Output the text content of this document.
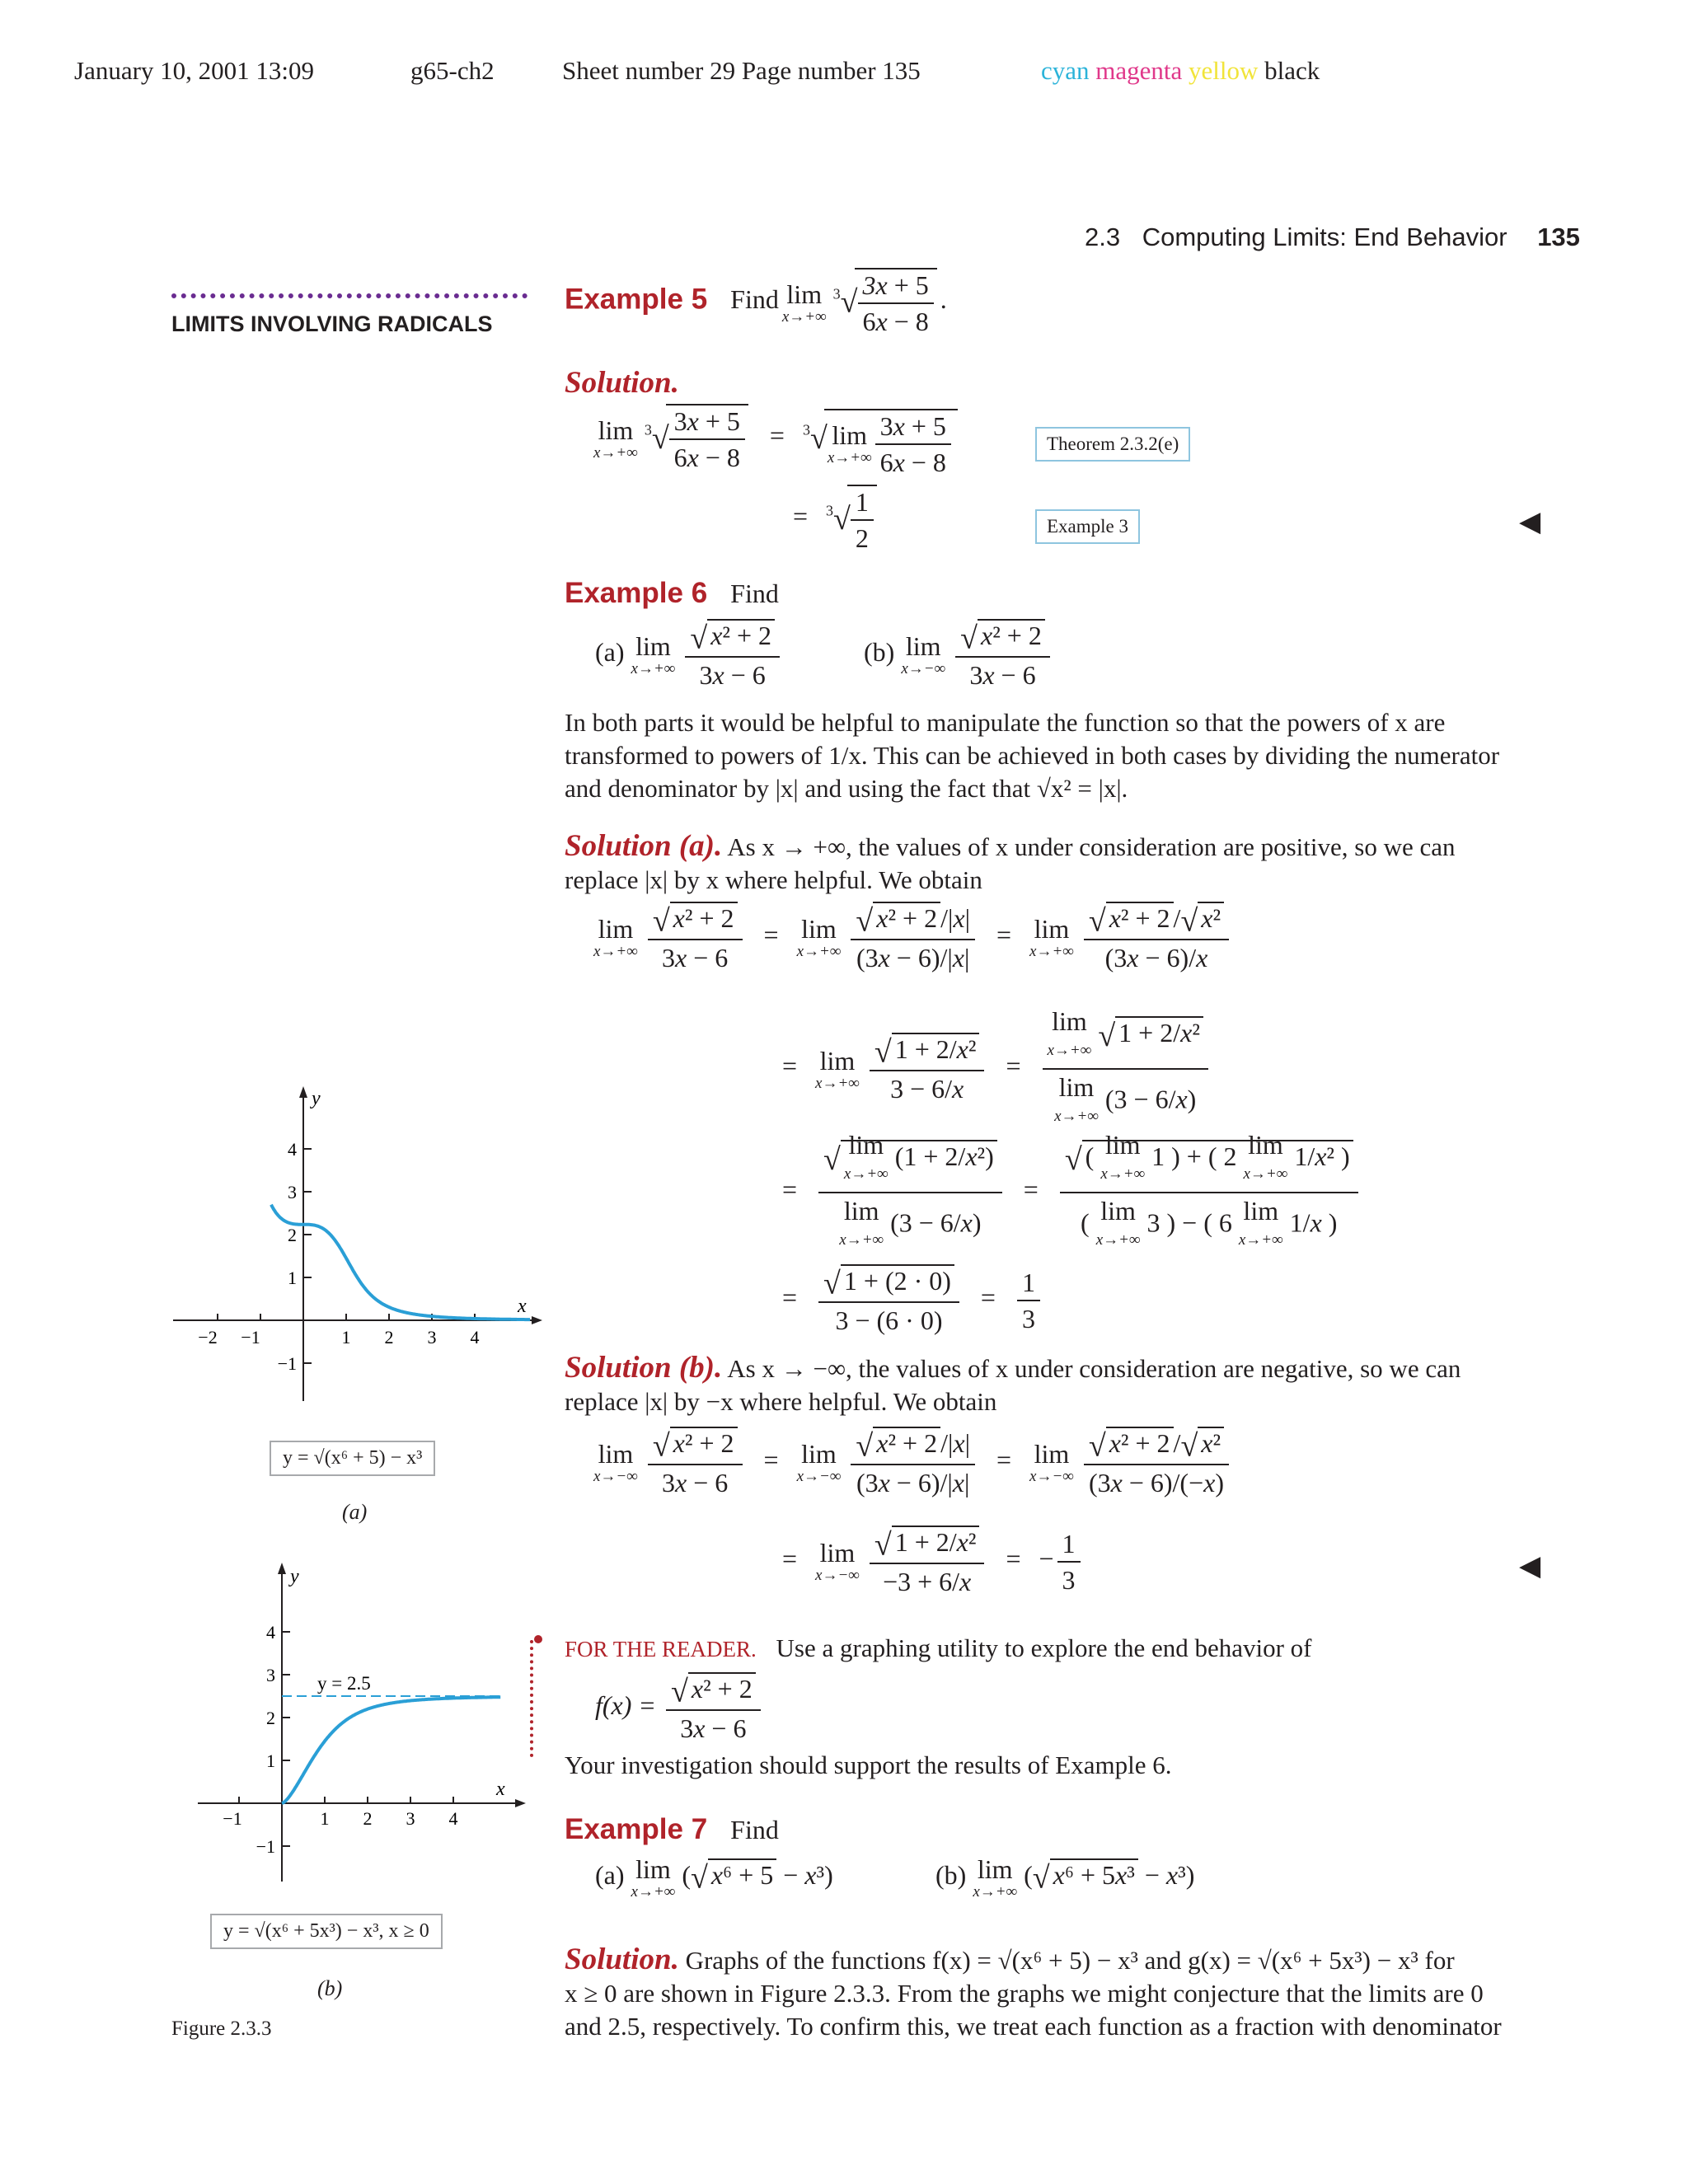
January 10, 2001 13:09	g65-ch2	Sheet number 29 Page number 135	cyan magenta yellow black
2.3 Computing Limits: End Behavior 135
LIMITS INVOLVING RADICALS
Example 5 Find lim
x→+∞
$^3$√
$\frac{3x + 5}{6x - 8}$ .
Solution.
lim
x→+∞
$^3$√
$\frac{3x + 5}{6x - 8} = ^3√$ lim
$x\to+\infty \frac{3x + 5}{6x - 8}$	Theorem 2.3.2(e)
= $^3$√
$\frac{1}{2}$	Example 3	◀
Example 6 Find
(a) lim
x→+∞
$\frac{\text{√ x² + 2}}{3x - 6}$	(b) lim
x→−∞
$\frac{\text{√ x² + 2}}{3x - 6}$
In both parts it would be helpful to manipulate the function so that the powers of x are
transformed to powers of 1/x. This can be achieved in both cases by dividing the numerator
and denominator by |x| and using the fact that √x² = |x|.
Solution (a). As x → +∞, the values of x under consideration are positive, so we can
replace |x| by x where helpful. We obtain
lim
x→+∞
$\frac{\text{√ x² + 2}}{3x - 6} = \lim$
x→+∞
$\frac{\text{√ x² + 2 /|x|}}{(3x - 6)/|x|} = \lim$
x→+∞
$\frac{\text{√ x² + 2 /√ x²}}{(3x - 6)/x}$
= lim
x→+∞
$\frac{\text{√ 1 + 2/x²}}{3 - 6/x} = \lim$
x→+∞ √ 1 + 2/x²
lim
x→+∞
(3 − 6/x)
= √ lim
x→+∞
(1 + 2/x²)
lim
x→+∞
(3 − 6/x) = √ ( lim
x→+∞
1 ) + ( 2 lim
x→+∞
1/x² )
( lim
x→+∞
3 ) − ( 6 lim
x→+∞
1/x )
= $\frac{√ 1 + (2 \cdot 0)}{3 - (6 \cdot 0)} = \frac{1}{3}$
Solution (b). As x → −∞, the values of x under consideration are negative, so we can
replace |x| by −x where helpful. We obtain
lim
x→−∞
$\frac{\text{√ x² + 2}}{3x - 6} = \lim$
x→−∞
$\frac{\text{√ x² + 2 /|x|}}{(3x - 6)/|x|} = \lim$
x→−∞
$\frac{\text{√ x² + 2 /√ x²}}{(3x - 6)/(-x)}$
= lim
x→−∞
$\frac{\text{√ 1 + 2/x²}}{-3 + 6/x}$ = − $\frac{1}{3}$	◀
FOR THE READER. Use a graphing utility to explore the end behavior of
$f(x) = \frac{\text{√ x² + 2}}{3x - 6}$
Your investigation should support the results of Example 6.
Example 7 Find
(a) lim
x→+∞
(√ x⁶ + 5 − x³)	(b) lim
x→+∞
(√ x⁶ + 5x³ − x³)
Solution. Graphs of the functions f(x) = √(x⁶ + 5) − x³ and g(x) = √(x⁶ + 5x³) − x³ for
x ≥ 0 are shown in Figure 2.3.3. From the graphs we might conjecture that the limits are 0
and 2.5, respectively. To confirm this, we treat each function as a fraction with denominator
y
x
−2 −1	1 2 3 4
4
3
2
1
−1
y = √(x⁶ + 5) − x³
(a)
y
x
−1	1 2 3 4
4
3
2
1
−1
y = 2.5
y = √(x⁶ + 5x³) − x³, x ≥ 0
(b)
Figure 2.3.3
